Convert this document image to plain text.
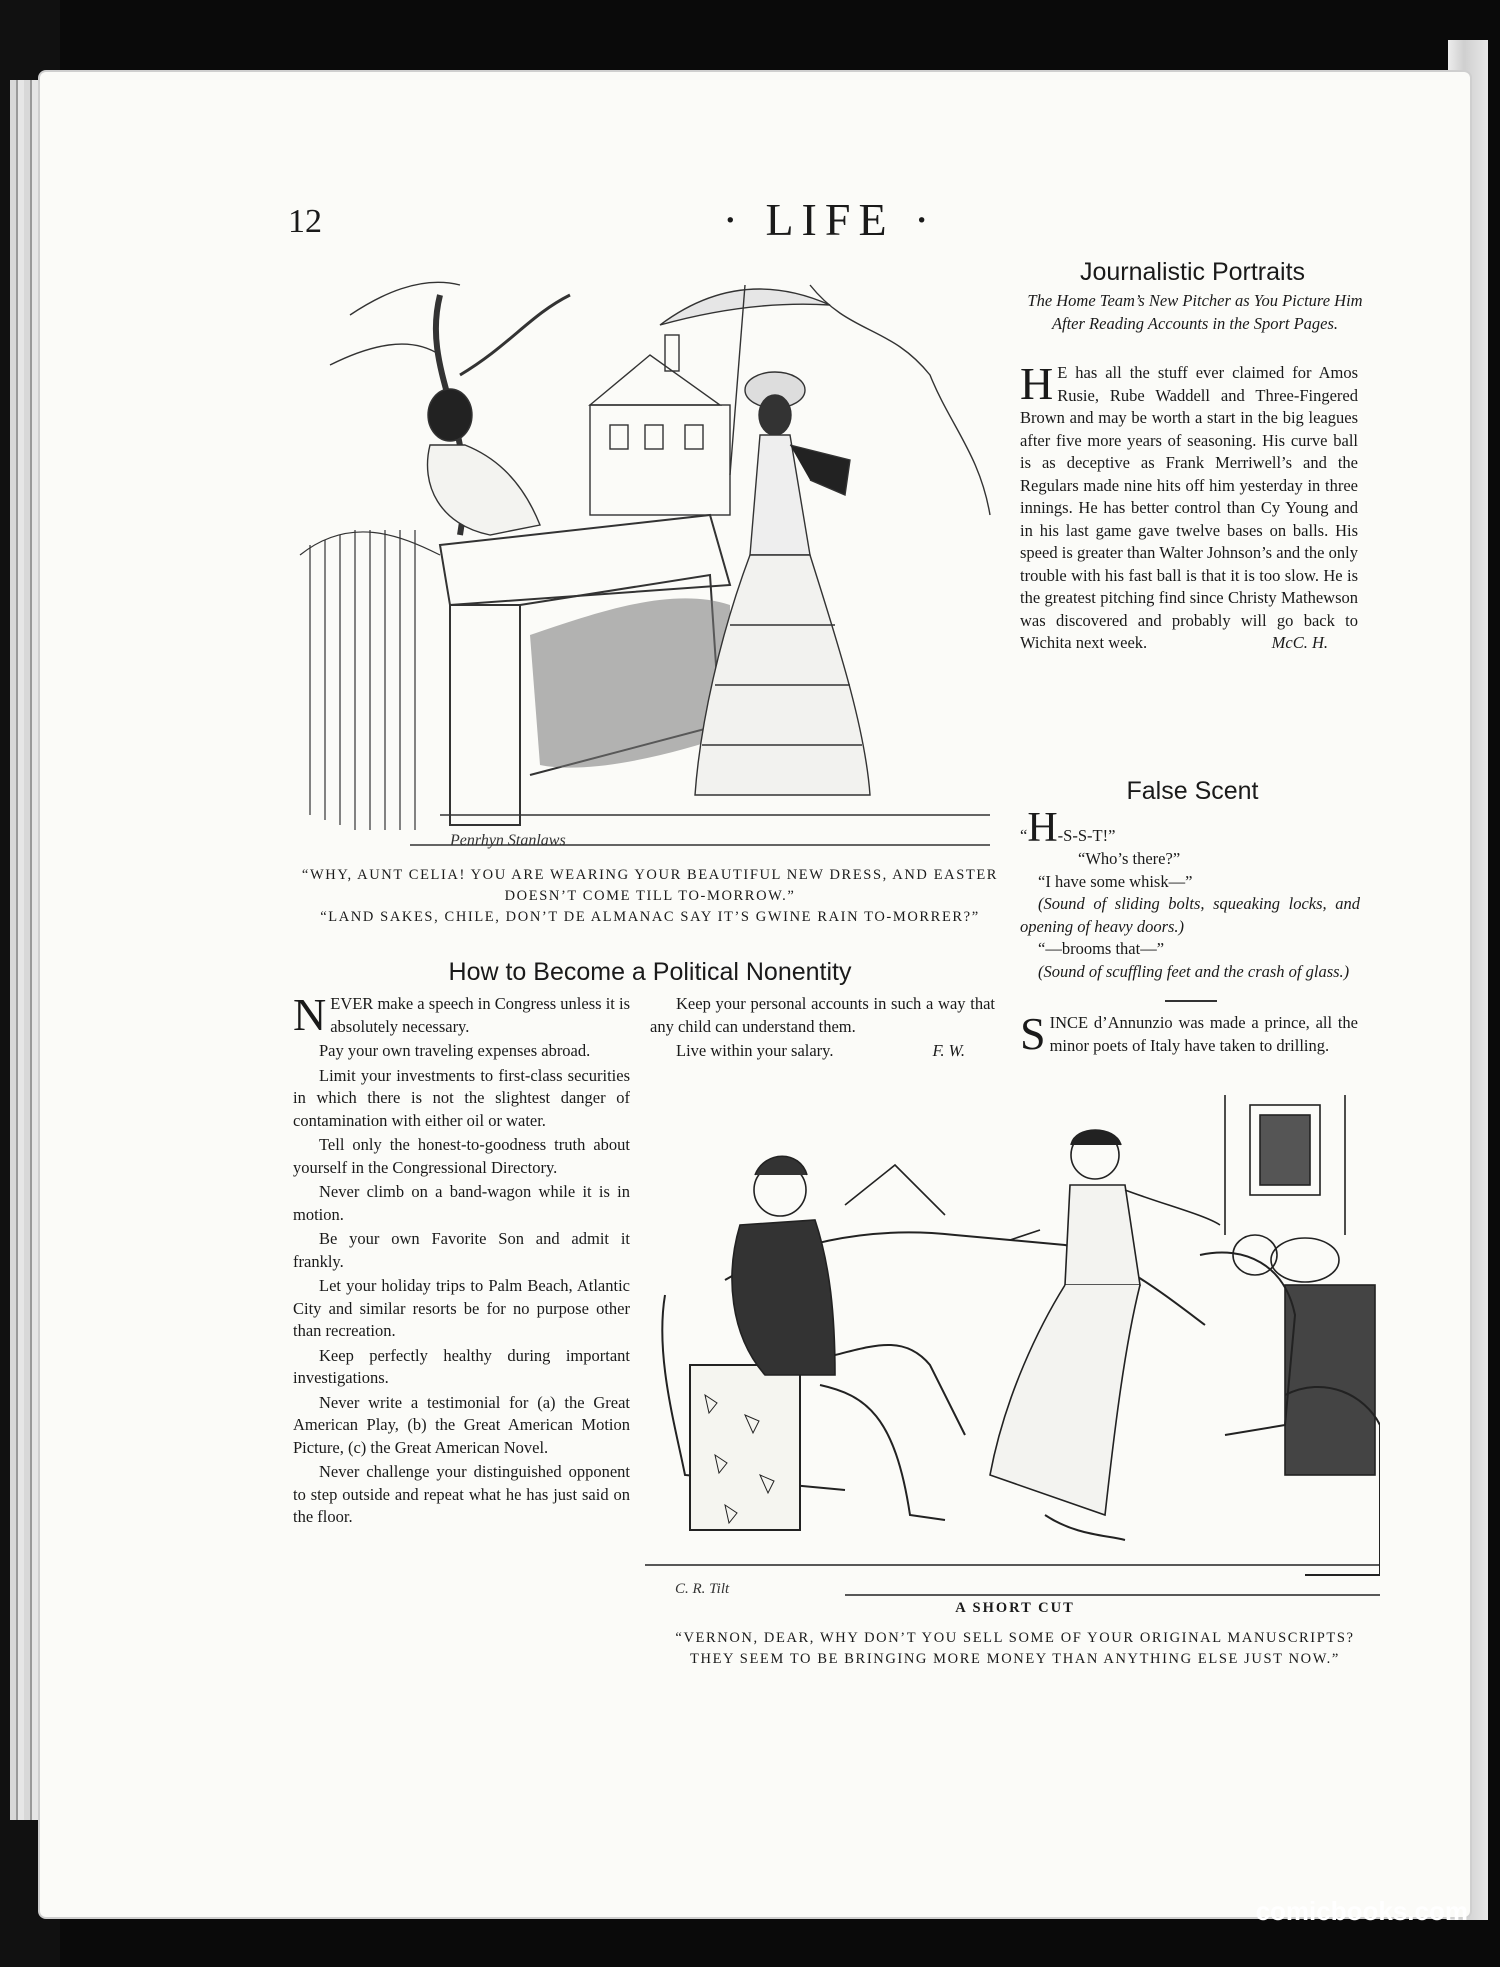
12	· LIFE ·
Penrhyn Stanlaws
“WHY, AUNT CELIA! YOU ARE WEARING YOUR BEAUTIFUL NEW DRESS, AND EASTER
DOESN’T COME TILL TO-MORROW.”
“LAND SAKES, CHILE, DON’T DE ALMANAC SAY IT’S GWINE RAIN TO-MORRER?”
How to Become a Political Nonentity

NEVER make a speech in Congress unless it is absolutely necessary.

Pay your own traveling expenses abroad.

Limit your investments to first-class securities in which there is not the slightest danger of contamination with either oil or water.

Tell only the honest-to-goodness truth about yourself in the Congressional Directory.

Never climb on a band-wagon while it is in motion.

Be your own Favorite Son and admit it frankly.

Let your holiday trips to Palm Beach, Atlantic City and similar resorts be for no purpose other than recreation.

Keep perfectly healthy during important investigations.

Never write a testimonial for (a) the Great American Play, (b) the Great American Motion Picture, (c) the Great American Novel.

Never challenge your distinguished opponent to step outside and repeat what he has just said on the floor.

Keep your personal accounts in such a way that any child can understand them.

Live within your salary.	F. W.

Journalistic Portraits
The Home Team’s New Pitcher as You Picture Him After Reading Accounts in the Sport Pages.

H E has all the stuff ever claimed for Amos Rusie, Rube Waddell and Three-Fingered Brown and may be worth a start in the big leagues after five more years of seasoning. His curve ball is as deceptive as Frank Merriwell’s and the Regulars made nine hits off him yesterday in three innings. He has better control than Cy Young and in his last game gave twelve bases on balls. His speed is greater than Walter Johnson’s and the only trouble with his fast ball is that it is too slow. He is the greatest pitching find since Christy Mathewson was discovered and probably will go back to Wichita next week.	McC. H.

False Scent
“H-S-S-T!”
“Who’s there?”
“I have some whisk—”
(Sound of sliding bolts, squeaking locks, and opening of heavy doors.)
“—brooms that—”
(Sound of scuffling feet and the crash of glass.)

SINCE d’Annunzio was made a prince, all the minor poets of Italy have taken to drilling.

C. R. Tilt
A SHORT CUT
“VERNON, DEAR, WHY DON’T YOU SELL SOME OF YOUR ORIGINAL MANUSCRIPTS?
THEY SEEM TO BE BRINGING MORE MONEY THAN ANYTHING ELSE JUST NOW.”
comicbooks.com
